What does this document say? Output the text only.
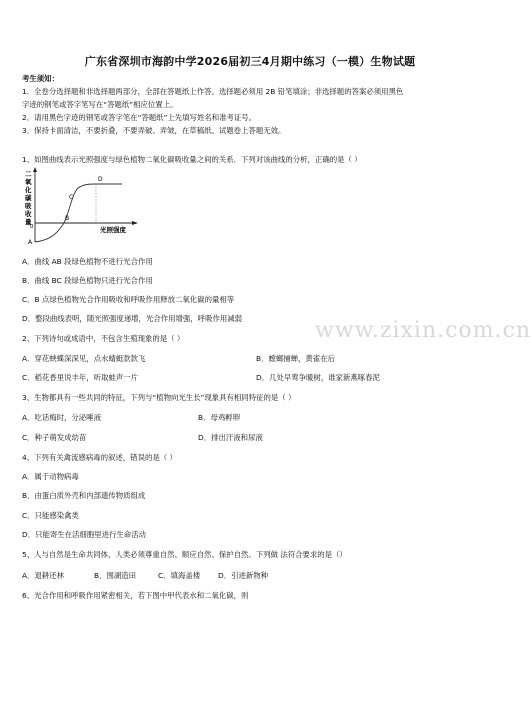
广东省深圳市海韵中学2026届初三4月期中练习（一模）生物试题
考生须知：
1．全卷分选择题和非选择题两部分，全部在答题纸上作答。选择题必须用 2B 铅笔填涂；非选择题的答案必须用黑色
字迹的钢笔或答字笔写在“答题纸”相应位置上。
2．请用黑色字迹的钢笔或答字笔在“答题纸”上先填写姓名和准考证号。
3．保持卡面清洁，不要折叠，不要弄破、弄皱，在草稿纸、试题卷上答题无效。
1、如图曲线表示光照强度与绿色植物二氧化碳吸收量之间的关系．下列对该曲线的分析，正确的是（ ）
二
氧
化
碳
吸
收
量
光照强度
A
B
C
D
0
A．曲线 AB 段绿色植物不进行光合作用
B．曲线 BC 段绿色植物只进行光合作用
C．B 点绿色植物光合作用吸收和呼吸作用释放二氧化碳的量相等
D．整段曲线表明，随光照强度递增，光合作用增强，呼吸作用减弱
2、下列诗句或成语中，不包含生殖现象的是（ ）
A．穿花蛱蝶深深见，点水蜻蜓款款飞	B．螳螂捕蝉，黄雀在后
C．稻花香里说丰年，听取蛙声一片	D．几处早莺争暖树，谁家新燕啄春泥
3、生物都具有一些共同的特征，下列与“植物向光生长”现象具有相同特征的是（ ）
A．吃话梅时，分泌唾液	B．母鸡孵卵
C．种子萌发成幼苗	D．排出汗液和尿液
4、下列有关禽流感病毒的叙述，错误的是（ ）
A．属于动物病毒
B．由蛋白质外壳和内部遗传物质组成
C．只能感染禽类
D．只能寄生在活细胞里进行生命活动
5、人与自然是生命共同体，人类必须尊重自然、顺应自然、保护自然。下列做 法符合要求的是（）
A．退耕还林	B．围湖造田	C．填海盖楼 D．引进新物种
6、光合作用和呼吸作用紧密相关，若下图中甲代表水和二氧化碳，则
www.zixin.com.cn
